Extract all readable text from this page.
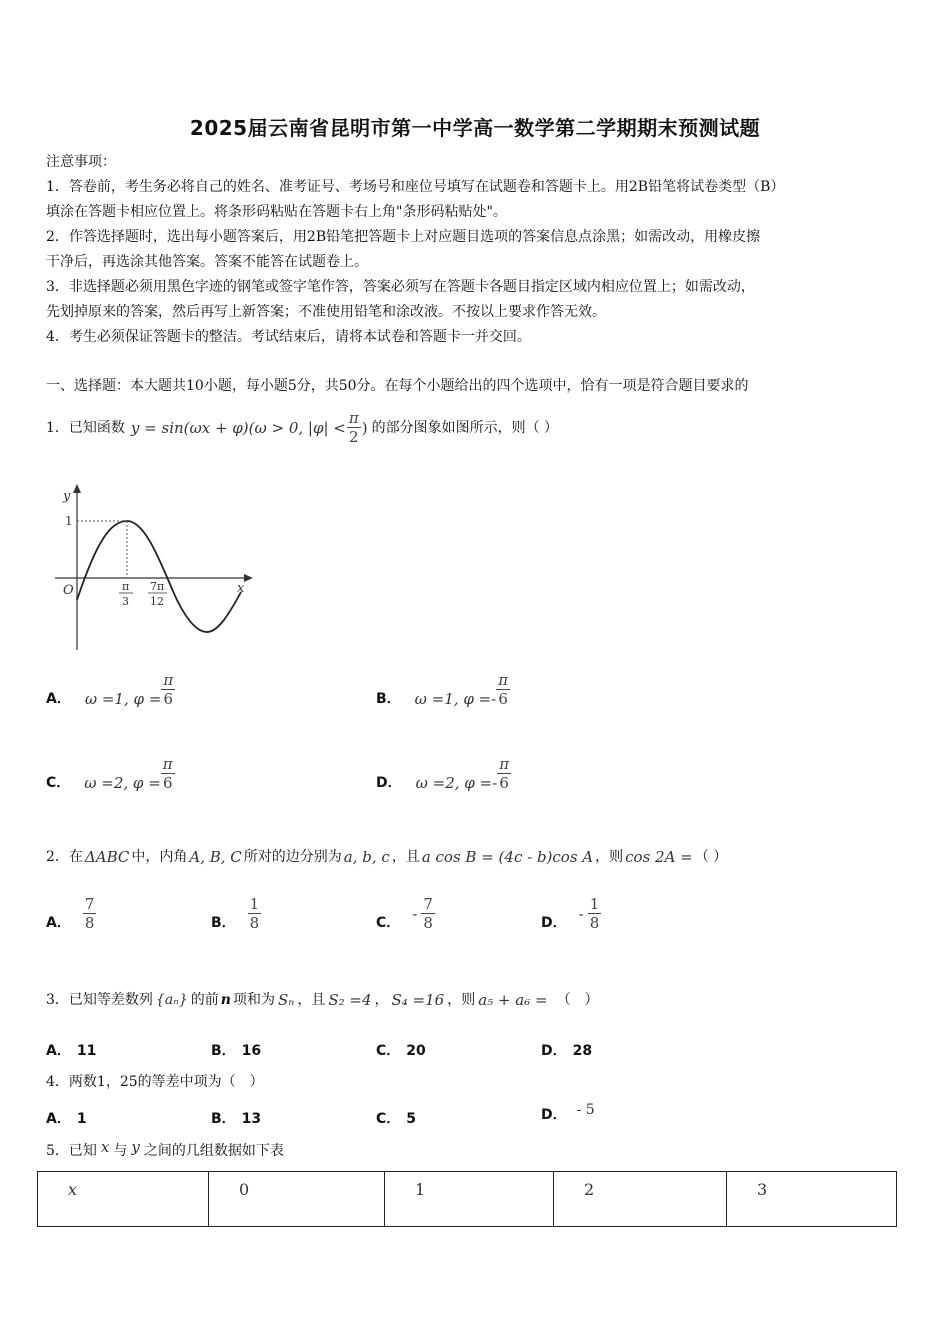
2025届云南省昆明市第一中学高一数学第二学期期末预测试题
注意事项：
1．答卷前，考生务必将自己的姓名、准考证号、考场号和座位号填写在试题卷和答题卡上。用2B铅笔将试卷类型（B）
填涂在答题卡相应位置上。将条形码粘贴在答题卡右上角"条形码粘贴处"。
2．作答选择题时，选出每小题答案后，用2B铅笔把答题卡上对应题目选项的答案信息点涂黑；如需改动，用橡皮擦
干净后，再选涂其他答案。答案不能答在试题卷上。
3．非选择题必须用黑色字迹的钢笔或签字笔作答，答案必须写在答题卡各题目指定区域内相应位置上；如需改动，
先划掉原来的答案，然后再写上新答案；不准使用铅笔和涂改液。不按以上要求作答无效。
4．考生必须保证答题卡的整洁。考试结束后，请将本试卷和答题卡一并交回。
一、选择题：本大题共10小题，每小题5分，共50分。在每个小题给出的四个选项中，恰有一项是符合题目要求的
1．已知函数 y = sin(ωx + φ)(ω > 0, $|\varphi| < \frac{\pi}{2}$ ) 的部分图象如图所示，则（ ）
y
x
O
1
π
3
7π
12
A． ω =1, $\varphi = \frac{\pi}{6}$	B． ω =1, $\varphi =- \frac{\pi}{6}$
C． ω =2, $\varphi = \frac{\pi}{6}$	D． ω =2, $\varphi =- \frac{\pi}{6}$
2．在 ΔABC 中，内角 A, B, C 所对的边分别为 a, b, c ，且 a cos B = (4c - b)cos A ，则 cos 2A = （ ）
A． $\frac{7}{8}$	B． $\frac{1}{8}$	C． - $\frac{7}{8}$	D． - $\frac{1}{8}$
3．已知等差数列 {aₙ} 的前 n 项和为 Sₙ ，且 S₂ =4 ， S₄ =16 ，则 a₅ + a₆ = （　）
A． 11	B． 16	C． 20	D． 28
4．两数1，25的等差中项为（　）
A． 1	B． 13	C． 5	D． - 5
5．已知 x 与 y 之间的几组数据如下表
x	0	1	2	3
